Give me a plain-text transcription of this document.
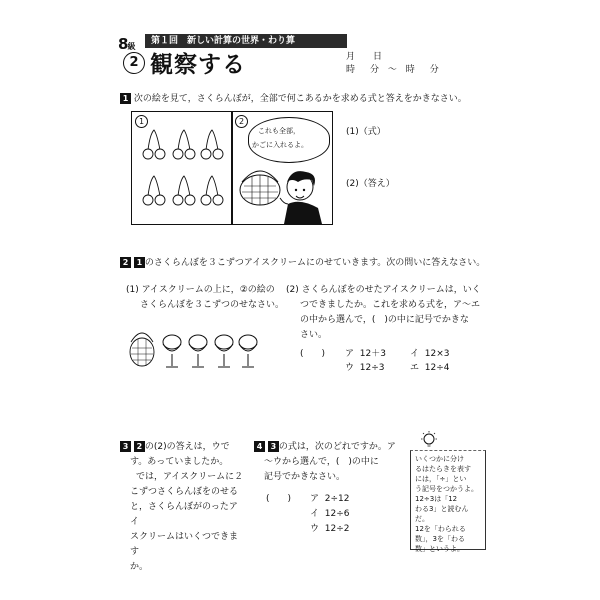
8級
第１回　新しい計算の世界・わり算
2 観察する	月　　日
時　分 〜 時　分
1 次の絵を見て，さくらんぼが，全部で何こあるかを求める式と答えをかきなさい。
1	2
これも全部，
かごに入れるよ。
(1)（式）
(2)（答え）
2 1 のさくらんぼを３こずつアイスクリームにのせていきます。次の問いに答えなさい。
(1) アイスクリームの上に，②の絵の
さくらんぼを３こずつのせなさい。
(2) さくらんぼをのせたアイスクリームは，いく
つできましたか。これを求める式を，ア〜エ
の中から選んで，(　)の中に記号でかきな
さい。
(　　) ア 12＋3	イ 12×3
ウ 12÷3	エ 12÷4
3 2 の(2)の答えは，ウで
す。あっていましたか。
では，アイスクリームに２
こずつさくらんぼをのせる
と，さくらんぼがのったアイ
スクリームはいくつできます
か。
4 3 の式は，次のどれですか。ア
〜ウから選んで，(　)の中に
記号でかきなさい。
(　　) ア 2÷12
イ 12÷6
ウ 12÷2
いくつかに分け
るはたらきを表す
には，「÷」とい
う記号をつかうよ。
12÷3は「12
わる3」と読むん
だ。
12を「わられる
数」，3を「わる
数」というよ。
